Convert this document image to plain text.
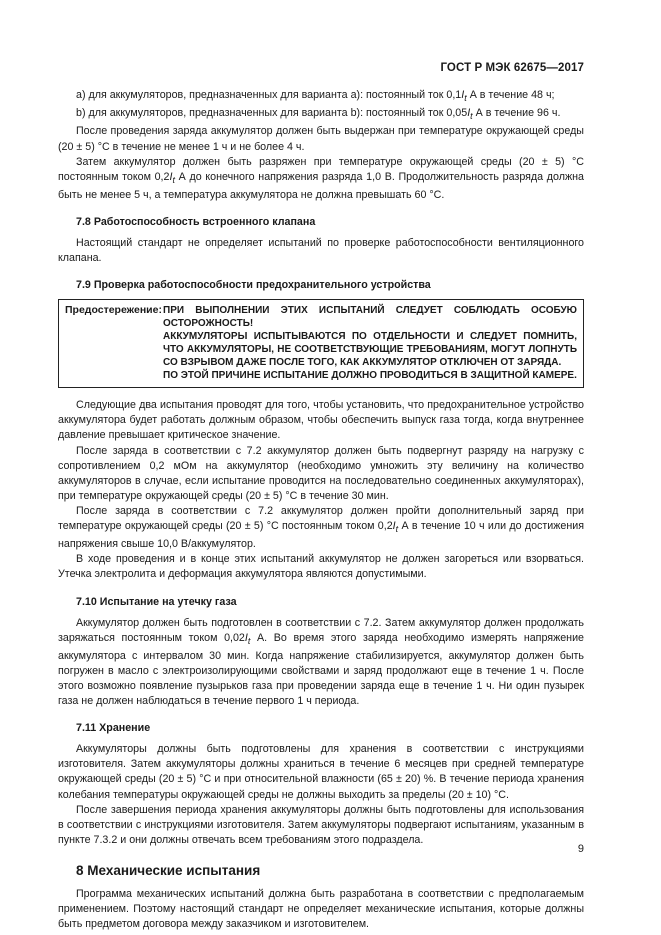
ГОСТ Р МЭК 62675—2017

а) для аккумуляторов, предназначенных для варианта а): постоянный ток $0,1I_t$ А в течение 48 ч;

b) для аккумуляторов, предназначенных для варианта b): постоянный ток $0,05I_t$ А в течение 96 ч.

После проведения заряда аккумулятор должен быть выдержан при температуре окружающей среды (20 ± 5) °С в течение не менее 1 ч и не более 4 ч.

Затем аккумулятор должен быть разряжен при температуре окружающей среды (20 ± 5) °С постоянным током $0,2I_t$ А до конечного напряжения разряда 1,0 В. Продолжительность разряда должна быть не менее 5 ч, а температура аккумулятора не должна превышать 60 °С.

7.8 Работоспособность встроенного клапана

Настоящий стандарт не определяет испытаний по проверке работоспособности вентиляционного клапана.

7.9 Проверка работоспособности предохранительного устройства
Предостережение: ПРИ ВЫПОЛНЕНИИ ЭТИХ ИСПЫТАНИЙ СЛЕДУЕТ СОБЛЮДАТЬ ОСОБУЮ ОСТОРОЖНОСТЬ!
АККУМУЛЯТОРЫ ИСПЫТЫВАЮТСЯ ПО ОТДЕЛЬНОСТИ И СЛЕДУЕТ ПОМНИТЬ, ЧТО АККУМУЛЯТОРЫ, НЕ СООТВЕТСТВУЮЩИЕ ТРЕБОВАНИЯМ, МОГУТ ЛОПНУТЬ СО ВЗРЫВОМ ДАЖЕ ПОСЛЕ ТОГО, КАК АККУМУЛЯТОР ОТКЛЮЧЕН ОТ ЗАРЯДА.
ПО ЭТОЙ ПРИЧИНЕ ИСПЫТАНИЕ ДОЛЖНО ПРОВОДИТЬСЯ В ЗАЩИТНОЙ КАМЕРЕ.

Следующие два испытания проводят для того, чтобы установить, что предохранительное устройство аккумулятора будет работать должным образом, чтобы обеспечить выпуск газа тогда, когда внутреннее давление превышает критическое значение.

После заряда в соответствии с 7.2 аккумулятор должен быть подвергнут разряду на нагрузку с сопротивлением 0,2 мОм на аккумулятор (необходимо умножить эту величину на количество аккумуляторов в случае, если испытание проводится на последовательно соединенных аккумуляторах), при температуре окружающей среды (20 ± 5) °С в течение 30 мин.

После заряда в соответствии с 7.2 аккумулятор должен пройти дополнительный заряд при температуре окружающей среды (20 ± 5) °С постоянным током $0,2I_t$ А в течение 10 ч или до достижения напряжения свыше 10,0 В/аккумулятор.

В ходе проведения и в конце этих испытаний аккумулятор не должен загореться или взорваться. Утечка электролита и деформация аккумулятора являются допустимыми.

7.10 Испытание на утечку газа

Аккумулятор должен быть подготовлен в соответствии с 7.2. Затем аккумулятор должен продолжать заряжаться постоянным током $0,02I_t$ А. Во время этого заряда необходимо измерять напряжение аккумулятора с интервалом 30 мин. Когда напряжение стабилизируется, аккумулятор должен быть погружен в масло с электроизолирующими свойствами и заряд продолжают еще в течение 1 ч. После этого возможно появление пузырьков газа при проведении заряда еще в течение 1 ч. Ни один пузырек газа не должен наблюдаться в течение первого 1 ч периода.

7.11 Хранение

Аккумуляторы должны быть подготовлены для хранения в соответствии с инструкциями изготовителя. Затем аккумуляторы должны храниться в течение 6 месяцев при средней температуре окружающей среды (20 ± 5) °С и при относительной влажности (65 ± 20) %. В течение периода хранения колебания температуры окружающей среды не должны выходить за пределы (20 ± 10) °С.

После завершения периода хранения аккумуляторы должны быть подготовлены для использования в соответствии с инструкциями изготовителя. Затем аккумуляторы подвергают испытаниям, указанным в пункте 7.3.2 и они должны отвечать всем требованиям этого подраздела.

8 Механические испытания

Программа механических испытаний должна быть разработана в соответствии с предполагаемым применением. Поэтому настоящий стандарт не определяет механические испытания, которые должны быть предметом договора между заказчиком и изготовителем.

9
